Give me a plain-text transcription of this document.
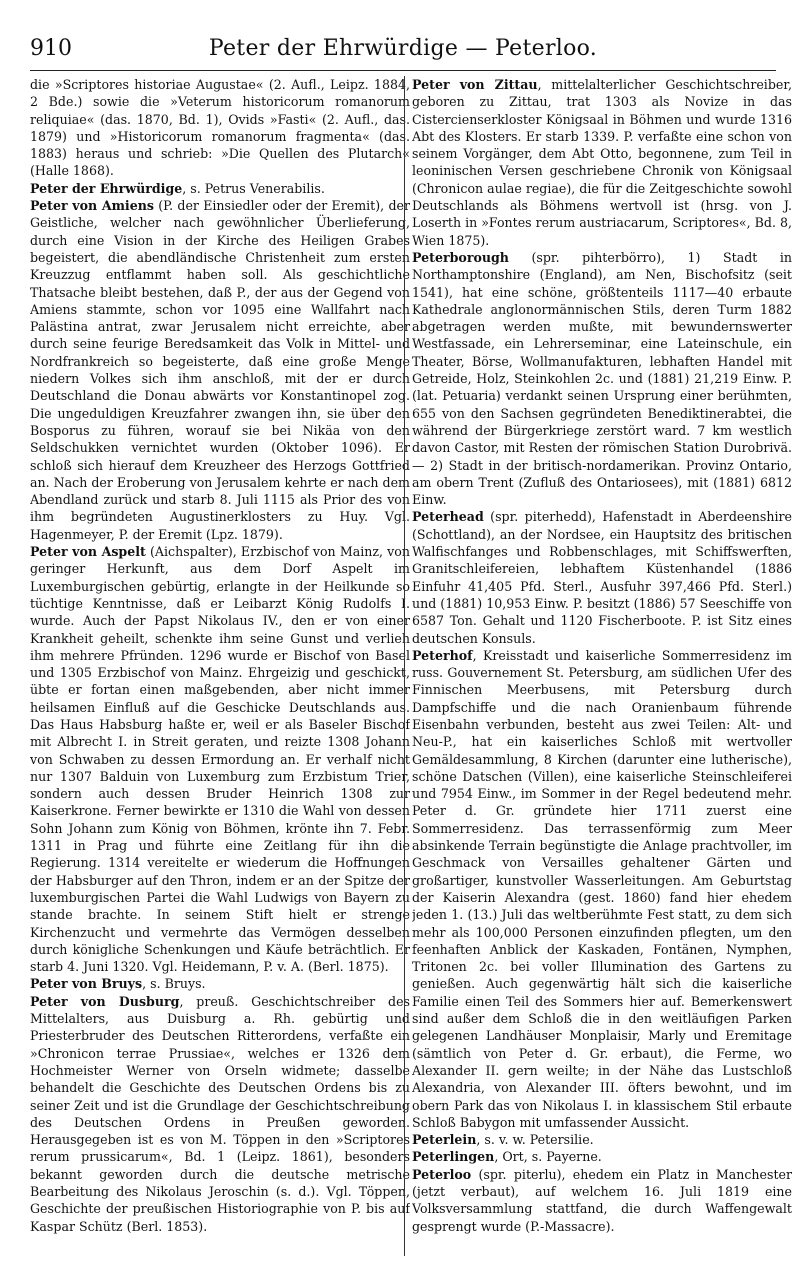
910	Peter der Ehrwürdige — Peterloo.

die »Scriptores historiae Augustae« (2. Aufl., Leipz. 1884, 2 Bde.) sowie die »Veterum historicorum romanorum reliquiae« (das. 1870, Bd. 1), Ovids »Fasti« (2. Aufl., das. 1879) und »Historicorum romanorum fragmenta« (das. 1883) heraus und schrieb: »Die Quellen des Plutarch« (Halle 1868).

Peter der Ehrwürdige, s. Petrus Venerabilis.

Peter von Amiens (P. der Einsiedler oder der Eremit), der Geistliche, welcher nach gewöhnlicher Überlieferung, durch eine Vision in der Kirche des Heiligen Grabes begeistert, die abendländische Christenheit zum ersten Kreuzzug entflammt haben soll. Als geschichtliche Thatsache bleibt bestehen, daß P., der aus der Gegend von Amiens stammte, schon vor 1095 eine Wallfahrt nach Palästina antrat, zwar Jerusalem nicht erreichte, aber durch seine feurige Beredsamkeit das Volk in Mittel- und Nordfrankreich so begeisterte, daß eine große Menge niedern Volkes sich ihm anschloß, mit der er durch Deutschland die Donau abwärts vor Konstantinopel zog. Die ungeduldigen Kreuzfahrer zwangen ihn, sie über den Bosporus zu führen, worauf sie bei Nikäa von den Seldschukken vernichtet wurden (Oktober 1096). Er schloß sich hierauf dem Kreuzheer des Herzogs Gottfried an. Nach der Eroberung von Jerusalem kehrte er nach dem Abendland zurück und starb 8. Juli 1115 als Prior des von ihm begründeten Augustinerklosters zu Huy. Vgl. Hagenmeyer, P. der Eremit (Lpz. 1879).

Peter von Aspelt (Aichspalter), Erzbischof von Mainz, von geringer Herkunft, aus dem Dorf Aspelt im Luxemburgischen gebürtig, erlangte in der Heilkunde so tüchtige Kenntnisse, daß er Leibarzt König Rudolfs I. wurde. Auch der Papst Nikolaus IV., den er von einer Krankheit geheilt, schenkte ihm seine Gunst und verlieh ihm mehrere Pfründen. 1296 wurde er Bischof von Basel und 1305 Erzbischof von Mainz. Ehrgeizig und geschickt, übte er fortan einen maßgebenden, aber nicht immer heilsamen Einfluß auf die Geschicke Deutschlands aus. Das Haus Habsburg haßte er, weil er als Baseler Bischof mit Albrecht I. in Streit geraten, und reizte 1308 Johann von Schwaben zu dessen Ermordung an. Er verhalf nicht nur 1307 Balduin von Luxemburg zum Erzbistum Trier, sondern auch dessen Bruder Heinrich 1308 zur Kaiserkrone. Ferner bewirkte er 1310 die Wahl von dessen Sohn Johann zum König von Böhmen, krönte ihn 7. Febr. 1311 in Prag und führte eine Zeitlang für ihn die Regierung. 1314 vereitelte er wiederum die Hoffnungen der Habsburger auf den Thron, indem er an der Spitze der luxemburgischen Partei die Wahl Ludwigs von Bayern zu stande brachte. In seinem Stift hielt er strenge Kirchenzucht und vermehrte das Vermögen desselben durch königliche Schenkungen und Käufe beträchtlich. Er starb 4. Juni 1320. Vgl. Heidemann, P. v. A. (Berl. 1875).

Peter von Bruys, s. Bruys.

Peter von Dusburg, preuß. Geschichtschreiber des Mittelalters, aus Duisburg a. Rh. gebürtig und Priesterbruder des Deutschen Ritterordens, verfaßte ein »Chronicon terrae Prussiae«, welches er 1326 dem Hochmeister Werner von Orseln widmete; dasselbe behandelt die Geschichte des Deutschen Ordens bis zu seiner Zeit und ist die Grundlage der Geschichtschreibung des Deutschen Ordens in Preußen geworden. Herausgegeben ist es von M. Töppen in den »Scriptores rerum prussicarum«, Bd. 1 (Leipz. 1861), besonders bekannt geworden durch die deutsche metrische Bearbeitung des Nikolaus Jeroschin (s. d.). Vgl. Töppen, Geschichte der preußischen Historiographie von P. bis auf Kaspar Schütz (Berl. 1853).

Peter von Zittau, mittelalterlicher Geschichtschreiber, geboren zu Zittau, trat 1303 als Novize in das Cistercienserkloster Königsaal in Böhmen und wurde 1316 Abt des Klosters. Er starb 1339. P. verfaßte eine schon von seinem Vorgänger, dem Abt Otto, begonnene, zum Teil in leoninischen Versen geschriebene Chronik von Königsaal (Chronicon aulae regiae), die für die Zeitgeschichte sowohl Deutschlands als Böhmens wertvoll ist (hrsg. von J. Loserth in »Fontes rerum austriacarum, Scriptores«, Bd. 8, Wien 1875).

Peterborough (spr. pihterbörro), 1) Stadt in Northamptonshire (England), am Nen, Bischofsitz (seit 1541), hat eine schöne, größtenteils 1117—40 erbaute Kathedrale anglonormännischen Stils, deren Turm 1882 abgetragen werden mußte, mit bewundernswerter Westfassade, ein Lehrerseminar, eine Lateinschule, ein Theater, Börse, Wollmanufakturen, lebhaften Handel mit Getreide, Holz, Steinkohlen 2c. und (1881) 21,219 Einw. P. (lat. Petuaria) verdankt seinen Ursprung einer berühmten, 655 von den Sachsen gegründeten Benediktinerabtei, die während der Bürgerkriege zerstört ward. 7 km westlich davon Castor, mit Resten der römischen Station Durobrivä. — 2) Stadt in der britisch-nordamerikan. Provinz Ontario, am obern Trent (Zufluß des Ontariosees), mit (1881) 6812 Einw.

Peterhead (spr. piterhedd), Hafenstadt in Aberdeenshire (Schottland), an der Nordsee, ein Hauptsitz des britischen Walfischfanges und Robbenschlages, mit Schiffswerften, Granitschleifereien, lebhaftem Küstenhandel (1886 Einfuhr 41,405 Pfd. Sterl., Ausfuhr 397,466 Pfd. Sterl.) und (1881) 10,953 Einw. P. besitzt (1886) 57 Seeschiffe von 6587 Ton. Gehalt und 1120 Fischerboote. P. ist Sitz eines deutschen Konsuls.

Peterhof, Kreisstadt und kaiserliche Sommerresidenz im russ. Gouvernement St. Petersburg, am südlichen Ufer des Finnischen Meerbusens, mit Petersburg durch Dampfschiffe und die nach Oranienbaum führende Eisenbahn verbunden, besteht aus zwei Teilen: Alt- und Neu-P., hat ein kaiserliches Schloß mit wertvoller Gemäldesammlung, 8 Kirchen (darunter eine lutherische), schöne Datschen (Villen), eine kaiserliche Steinschleiferei und 7954 Einw., im Sommer in der Regel bedeutend mehr. Peter d. Gr. gründete hier 1711 zuerst eine Sommerresidenz. Das terrassenförmig zum Meer absinkende Terrain begünstigte die Anlage prachtvoller, im Geschmack von Versailles gehaltener Gärten und großartiger, kunstvoller Wasserleitungen. Am Geburtstag der Kaiserin Alexandra (gest. 1860) fand hier ehedem jeden 1. (13.) Juli das weltberühmte Fest statt, zu dem sich mehr als 100,000 Personen einzufinden pflegten, um den feenhaften Anblick der Kaskaden, Fontänen, Nymphen, Tritonen 2c. bei voller Illumination des Gartens zu genießen. Auch gegenwärtig hält sich die kaiserliche Familie einen Teil des Sommers hier auf. Bemerkenswert sind außer dem Schloß die in den weitläufigen Parken gelegenen Landhäuser Monplaisir, Marly und Eremitage (sämtlich von Peter d. Gr. erbaut), die Ferme, wo Alexander II. gern weilte; in der Nähe das Lustschloß Alexandria, von Alexander III. öfters bewohnt, und im obern Park das von Nikolaus I. in klassischem Stil erbaute Schloß Babygon mit umfassender Aussicht.

Peterlein, s. v. w. Petersilie.

Peterlingen, Ort, s. Payerne.

Peterloo (spr. piterlu), ehedem ein Platz in Manchester (jetzt verbaut), auf welchem 16. Juli 1819 eine Volksversammlung stattfand, die durch Waffengewalt gesprengt wurde (P.-Massacre).
